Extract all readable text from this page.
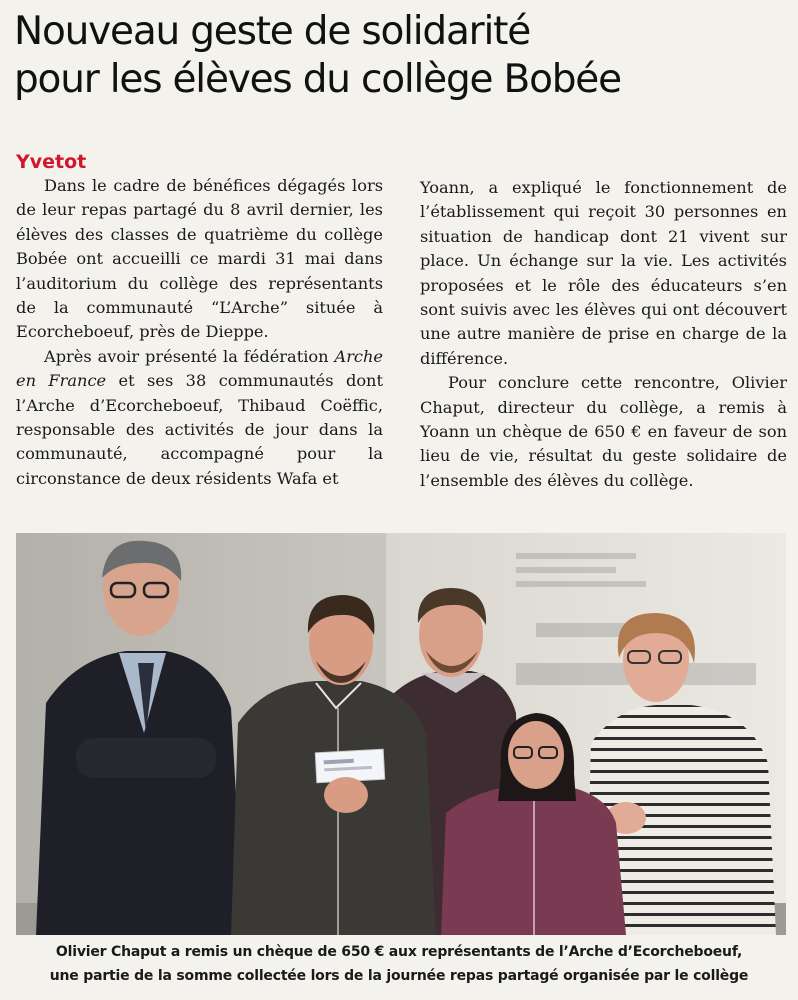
Nouveau geste de solidarité
pour les élèves du collège Bobée
Yvetot

Dans le cadre de bénéfices dégagés lors de leur repas partagé du 8 avril dernier, les élèves des classes de quatrième du collège Bobée ont accueilli ce mardi 31 mai dans l’auditorium du collège des représentants de la communauté “L’Arche” située à Ecorcheboeuf, près de Dieppe.

Après avoir présenté la fédération Arche en France et ses 38 communautés dont l’Arche d’Ecorcheboeuf, Thibaud Coëffic, responsable des activités de jour dans la communauté, accompagné pour la circonstance de deux résidents Wafa et

Yoann, a expliqué le fonctionnement de l’établissement qui reçoit 30 personnes en situation de handicap dont 21 vivent sur place. Un échange sur la vie. Les activités proposées et le rôle des éducateurs s’en sont suivis avec les élèves qui ont découvert une autre manière de prise en charge de la différence.

Pour conclure cette rencontre, Olivier Chaput, directeur du collège, a remis à Yoann un chèque de 650 € en faveur de son lieu de vie, résultat du geste solidaire de l’ensemble des élèves du collège.

Olivier Chaput a remis un chèque de 650 € aux représentants de l’Arche d’Ecorcheboeuf,
une partie de la somme collectée lors de la journée repas partagé organisée par le collège
